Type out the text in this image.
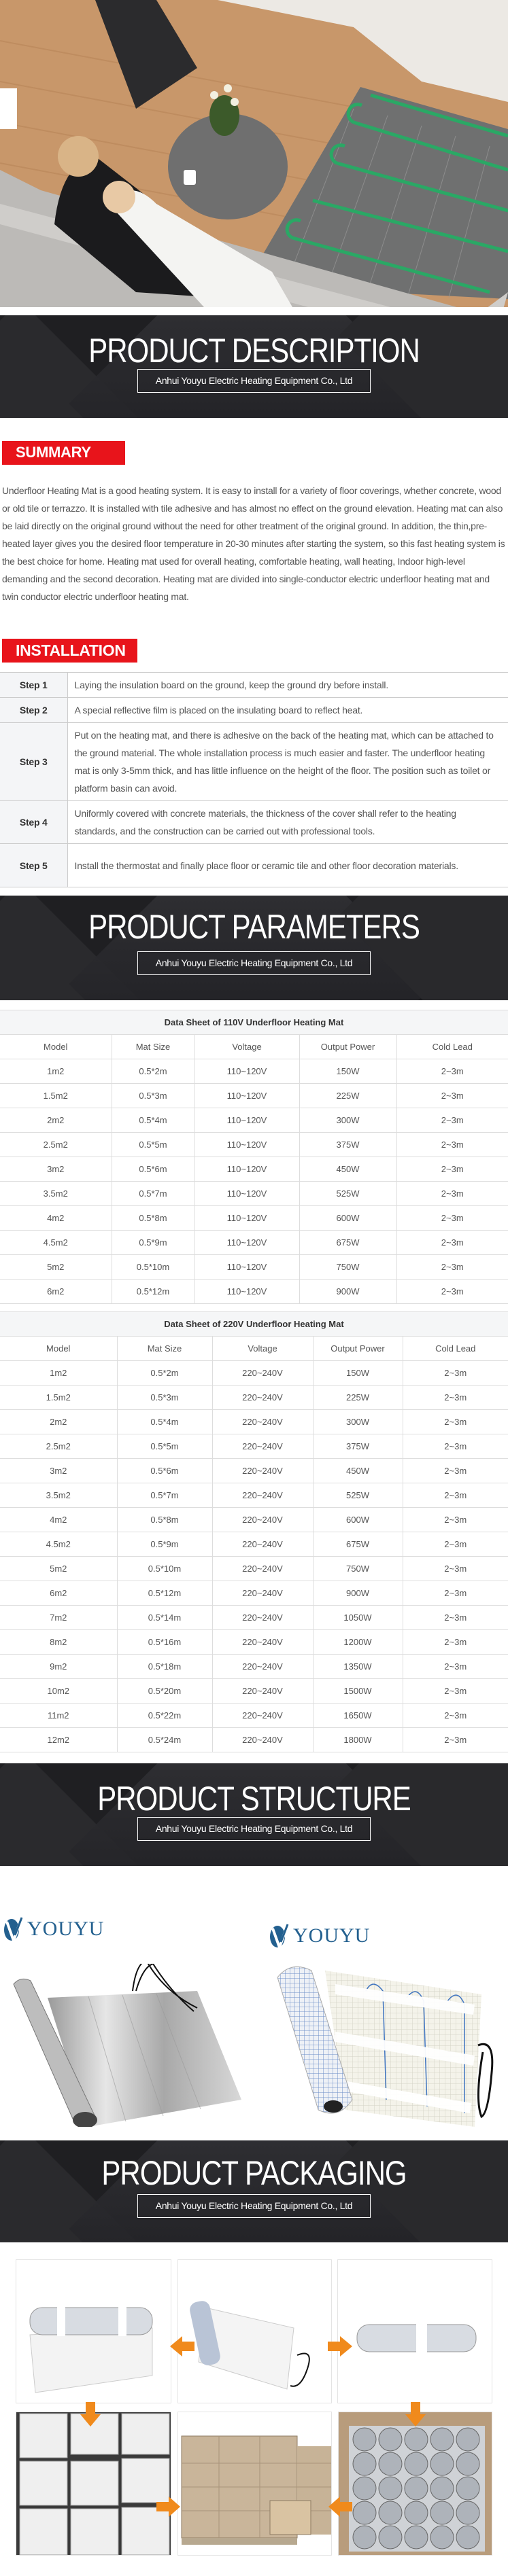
PRODUCT DESCRIPTION
Anhui Youyu Electric Heating Equipment Co., Ltd
SUMMARY
Underfloor Heating Mat is a good heating system. It is easy to install for a variety of floor coverings, whether concrete, wood or old tile or terrazzo. It is installed with tile adhesive and has almost no effect on the ground elevation. Heating mat can also be laid directly on the original ground without the need for other treatment of the original ground. In addition, the thin,pre-heated layer gives you the desired floor temperature in 20-30 minutes after starting the system, so this fast heating system is the best choice for home. Heating mat used for overall heating, comfortable heating, wall heating, Indoor high-level demanding and the second decoration. Heating mat are divided into single-conductor electric underfloor heating mat and twin conductor electric underfloor heating mat.
INSTALLATION
Step 1	Laying the insulation board on the ground, keep the ground dry before install.
Step 2	A special reflective film is placed on the insulating board to reflect heat.
Step 3	Put on the heating mat, and there is adhesive on the back of the heating mat, which can be attached to the ground material. The whole installation process is much easier and faster. The underfloor heating mat is only 3-5mm thick, and has little influence on the height of the floor. The position such as toilet or platform basin can avoid.
Step 4	Uniformly covered with concrete materials, the thickness of the cover shall refer to the heating standards, and the construction can be carried out with professional tools.
Step 5	Install the thermostat and finally place floor or ceramic tile and other floor decoration materials.
PRODUCT PARAMETERS
Anhui Youyu Electric Heating Equipment Co., Ltd
Data Sheet of 110V Underfloor Heating Mat				
Model	Mat Size	Voltage	Output Power	Cold Lead
1m2	0.5*2m	110~120V	150W	2~3m
1.5m2	0.5*3m	110~120V	225W	2~3m
2m2	0.5*4m	110~120V	300W	2~3m
2.5m2	0.5*5m	110~120V	375W	2~3m
3m2	0.5*6m	110~120V	450W	2~3m
3.5m2	0.5*7m	110~120V	525W	2~3m
4m2	0.5*8m	110~120V	600W	2~3m
4.5m2	0.5*9m	110~120V	675W	2~3m
5m2	0.5*10m	110~120V	750W	2~3m
6m2	0.5*12m	110~120V	900W	2~3m
Data Sheet of 220V Underfloor Heating Mat				
Model	Mat Size	Voltage	Output Power	Cold Lead
1m2	0.5*2m	220~240V	150W	2~3m
1.5m2	0.5*3m	220~240V	225W	2~3m
2m2	0.5*4m	220~240V	300W	2~3m
2.5m2	0.5*5m	220~240V	375W	2~3m
3m2	0.5*6m	220~240V	450W	2~3m
3.5m2	0.5*7m	220~240V	525W	2~3m
4m2	0.5*8m	220~240V	600W	2~3m
4.5m2	0.5*9m	220~240V	675W	2~3m
5m2	0.5*10m	220~240V	750W	2~3m
6m2	0.5*12m	220~240V	900W	2~3m
7m2	0.5*14m	220~240V	1050W	2~3m
8m2	0.5*16m	220~240V	1200W	2~3m
9m2	0.5*18m	220~240V	1350W	2~3m
10m2	0.5*20m	220~240V	1500W	2~3m
11m2	0.5*22m	220~240V	1650W	2~3m
12m2	0.5*24m	220~240V	1800W	2~3m
PRODUCT STRUCTURE
Anhui Youyu Electric Heating Equipment Co., Ltd
YOUYU	YOUYU
PRODUCT PACKAGING
Anhui Youyu Electric Heating Equipment Co., Ltd
